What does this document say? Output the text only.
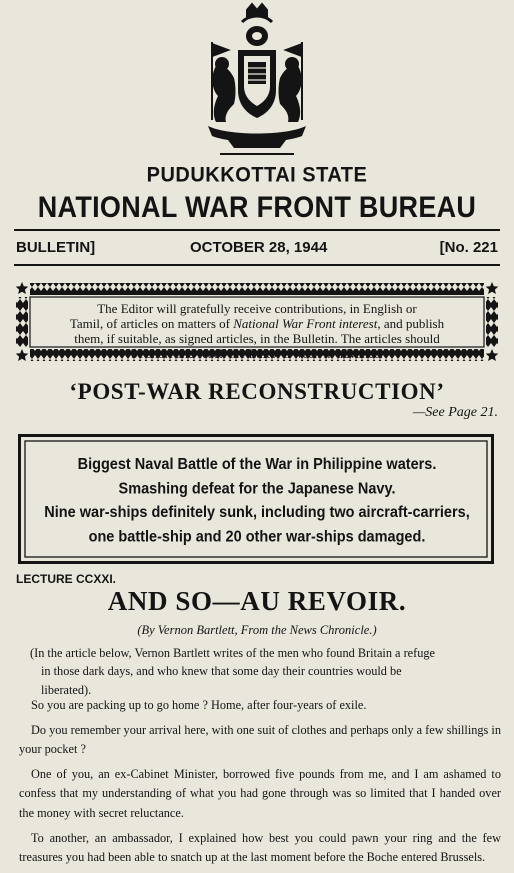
PUDUKKOTTAI STATE
NATIONAL WAR FRONT BUREAU
BULLETIN]	OCTOBER 28, 1944	[No. 221
The Editor will gratefully receive contributions, in English or
Tamil, of articles on matters of National War Front interest, and publish
them, if suitable, as signed articles, in the Bulletin. The articles should
be short and reach the Editor a week in advance.
‘POST-WAR RECONSTRUCTION’
—See Page 21.
Biggest Naval Battle of the War in Philippine waters.
Smashing defeat for the Japanese Navy.
Nine war-ships definitely sunk, including two aircraft-carriers,
one battle-ship and 20 other war-ships damaged.
LECTURE CCXXI.
AND SO—AU REVOIR.
(By Vernon Bartlett, From the News Chronicle.)
(In the article below, Vernon Bartlett writes of the men who found Britain a refuge
in those dark days, and who knew that some day their countries would be
liberated).

So you are packing up to go home ? Home, after four-years of exile.

Do you remember your arrival here, with one suit of clothes and perhaps only a few shillings in your pocket ?

One of you, an ex-Cabinet Minister, borrowed five pounds from me, and I am ashamed to confess that my understanding of what you had gone through was so limited that I handed over the money with secret reluctance.

To another, an ambassador, I explained how best you could pawn your ring and the few treasures you had been able to snatch up at the last moment before the Boche entered Brussels.
